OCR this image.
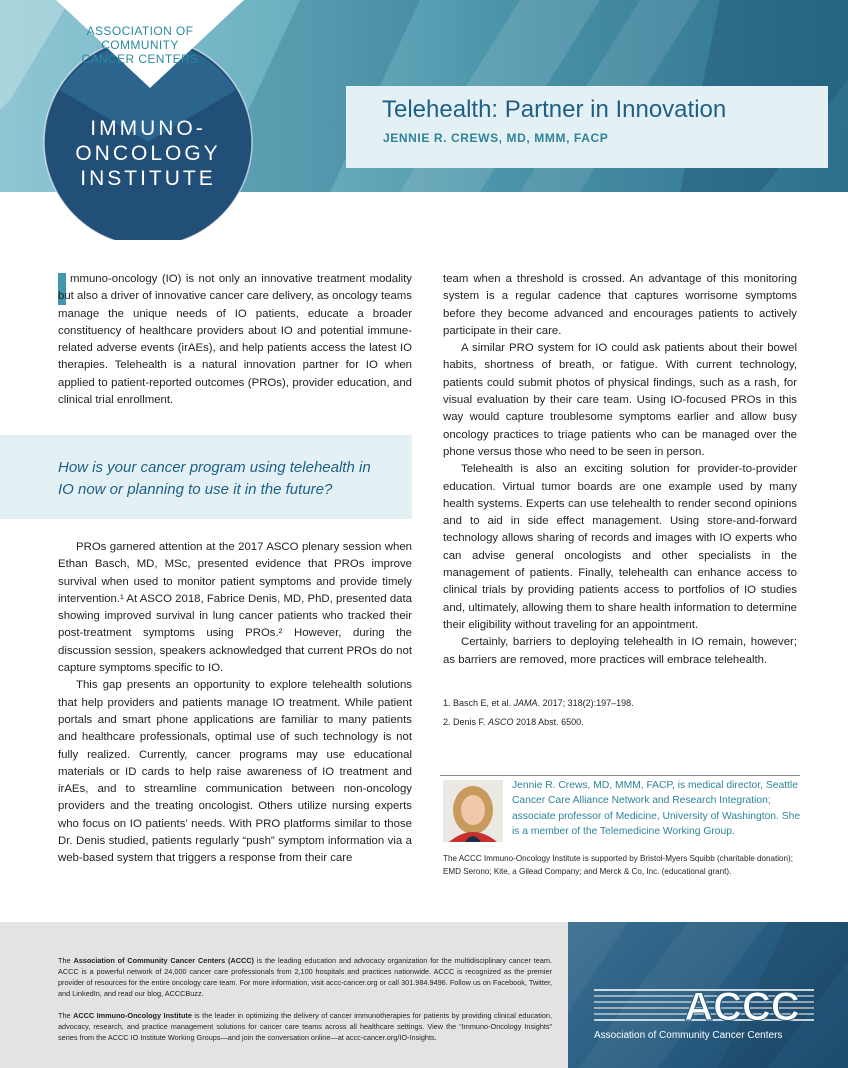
ASSOCIATION OF
COMMUNITY
CANCER CENTERS
IMMUNO-
ONCOLOGY
INSTITUTE
Telehealth: Partner in Innovation
JENNIE R. CREWS, MD, MMM, FACP

mmuno-oncology (IO) is not only an innovative treatment modality but also a driver of innovative cancer care delivery, as oncology teams manage the unique needs of IO patients, educate a broader constituency of healthcare providers about IO and potential immune-related adverse events (irAEs), and help patients access the latest IO therapies. Telehealth is a natural innovation partner for IO when applied to patient-reported outcomes (PROs), provider education, and clinical trial enrollment.

How is your cancer program using telehealth in IO now or planning to use it in the future?

PROs garnered attention at the 2017 ASCO plenary session when Ethan Basch, MD, MSc, presented evidence that PROs improve survival when used to monitor patient symptoms and provide timely intervention.¹ At ASCO 2018, Fabrice Denis, MD, PhD, presented data showing improved survival in lung cancer patients who tracked their post-treatment symptoms using PROs.² However, during the discussion session, speakers acknowledged that current PROs do not capture symptoms specific to IO.

This gap presents an opportunity to explore telehealth solutions that help providers and patients manage IO treatment. While patient portals and smart phone applications are familiar to many patients and healthcare professionals, optimal use of such technology is not fully realized. Currently, cancer programs may use educational materials or ID cards to help raise awareness of IO treatment and irAEs, and to streamline communication between non-oncology providers and the treating oncologist. Others utilize nursing experts who focus on IO patients’ needs. With PRO platforms similar to those Dr. Denis studied, patients regularly “push” symptom information via a web-based system that triggers a response from their care

team when a threshold is crossed. An advantage of this monitoring system is a regular cadence that captures worrisome symptoms before they become advanced and encourages patients to actively participate in their care.

A similar PRO system for IO could ask patients about their bowel habits, shortness of breath, or fatigue. With current technology, patients could submit photos of physical findings, such as a rash, for visual evaluation by their care team. Using IO-focused PROs in this way would capture troublesome symptoms earlier and allow busy oncology practices to triage patients who can be managed over the phone versus those who need to be seen in person.

Telehealth is also an exciting solution for provider-to-provider education. Virtual tumor boards are one example used by many health systems. Experts can use telehealth to render second opinions and to aid in side effect management. Using store-and-forward technology allows sharing of records and images with IO experts who can advise general oncologists and other specialists in the management of patients. Finally, telehealth can enhance access to clinical trials by providing patients access to portfolios of IO studies and, ultimately, allowing them to share health information to determine their eligibility without traveling for an appointment.

Certainly, barriers to deploying telehealth in IO remain, however; as barriers are removed, more practices will embrace telehealth.

1. Basch E, et al. JAMA. 2017; 318(2):197–198.
2. Denis F. ASCO 2018 Abst. 6500.
Jennie R. Crews, MD, MMM, FACP, is medical director, Seattle Cancer Care Alliance Network and Research Integration; associate professor of Medicine, University of Washington. She is a member of the Telemedicine Working Group.
The ACCC Immuno-Oncology Institute is supported by Bristol-Myers Squibb (charitable donation); EMD Serono; Kite, a Gilead Company; and Merck & Co, Inc. (educational grant).
The Association of Community Cancer Centers (ACCC) is the leading education and advocacy organization for the multidisciplinary cancer team. ACCC is a powerful network of 24,000 cancer care professionals from 2,100 hospitals and practices nationwide. ACCC is recognized as the premier provider of resources for the entire oncology care team. For more information, visit accc-cancer.org or call 301.984.9496. Follow us on Facebook, Twitter, and LinkedIn, and read our blog, ACCCBuzz.
The ACCC Immuno-Oncology Institute is the leader in optimizing the delivery of cancer immunotherapies for patients by providing clinical education, advocacy, research, and practice management solutions for cancer care teams across all healthcare settings. View the “Immuno-Oncology Insights” series from the ACCC IO Institute Working Groups—and join the conversation online—at accc-cancer.org/IO-Insights.
ACCC
Association of Community Cancer Centers
